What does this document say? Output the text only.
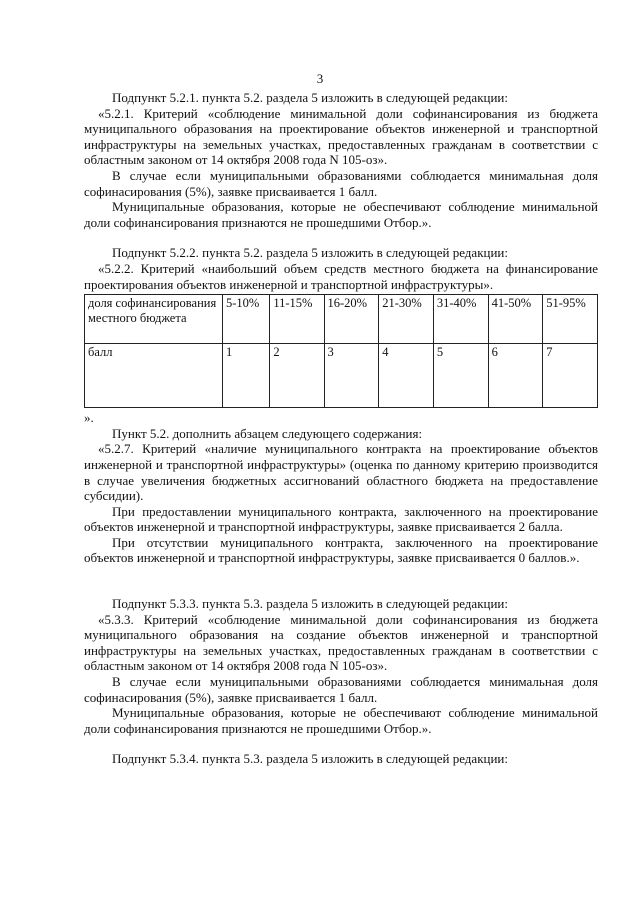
3

Подпункт 5.2.1. пункта 5.2. раздела 5 изложить в следующей редакции:

«5.2.1. Критерий «соблюдение минимальной доли софинансирования из бюджета муниципального образования на проектирование объектов инженерной и транспортной инфраструктуры на земельных участках, предоставленных гражданам в соответствии с областным законом от 14 октября 2008 года N 105-оз».

В случае если муниципальными образованиями соблюдается минимальная доля софинасирования (5%), заявке присваивается 1 балл.

Муниципальные образования, которые не обеспечивают соблюдение минимальной доли софинансирования признаются не прошедшими Отбор.».

Подпункт 5.2.2. пункта 5.2. раздела 5 изложить в следующей редакции:

«5.2.2. Критерий «наибольший объем средств местного бюджета на финансирование проектирования объектов инженерной и транспортной инфраструктуры».

доля софинансирования местного бюджета	5-10%	11-15%	16-20%	21-30%	31-40%	41-50%	51-95%
балл	1	2	3	4	5	6	7

».

Пункт 5.2. дополнить абзацем следующего содержания:

«5.2.7. Критерий «наличие муниципального контракта на проектирование объектов инженерной и транспортной инфраструктуры» (оценка по данному критерию производится в случае увеличения бюджетных ассигнований областного бюджета на предоставление субсидии).

При предоставлении муниципального контракта, заключенного на проектирование объектов инженерной и транспортной инфраструктуры, заявке присваивается 2 балла.

При отсутствии муниципального контракта, заключенного на проектирование объектов инженерной и транспортной инфраструктуры, заявке присваивается 0 баллов.».

Подпункт 5.3.3. пункта 5.3. раздела 5 изложить в следующей редакции:

«5.3.3. Критерий «соблюдение минимальной доли софинансирования из бюджета муниципального образования на создание объектов инженерной и транспортной инфраструктуры на земельных участках, предоставленных гражданам в соответствии с областным законом от 14 октября 2008 года N 105-оз».

В случае если муниципальными образованиями соблюдается минимальная доля софинасирования (5%), заявке присваивается 1 балл.

Муниципальные образования, которые не обеспечивают соблюдение минимальной доли софинансирования признаются не прошедшими Отбор.».

Подпункт 5.3.4. пункта 5.3. раздела 5 изложить в следующей редакции:
